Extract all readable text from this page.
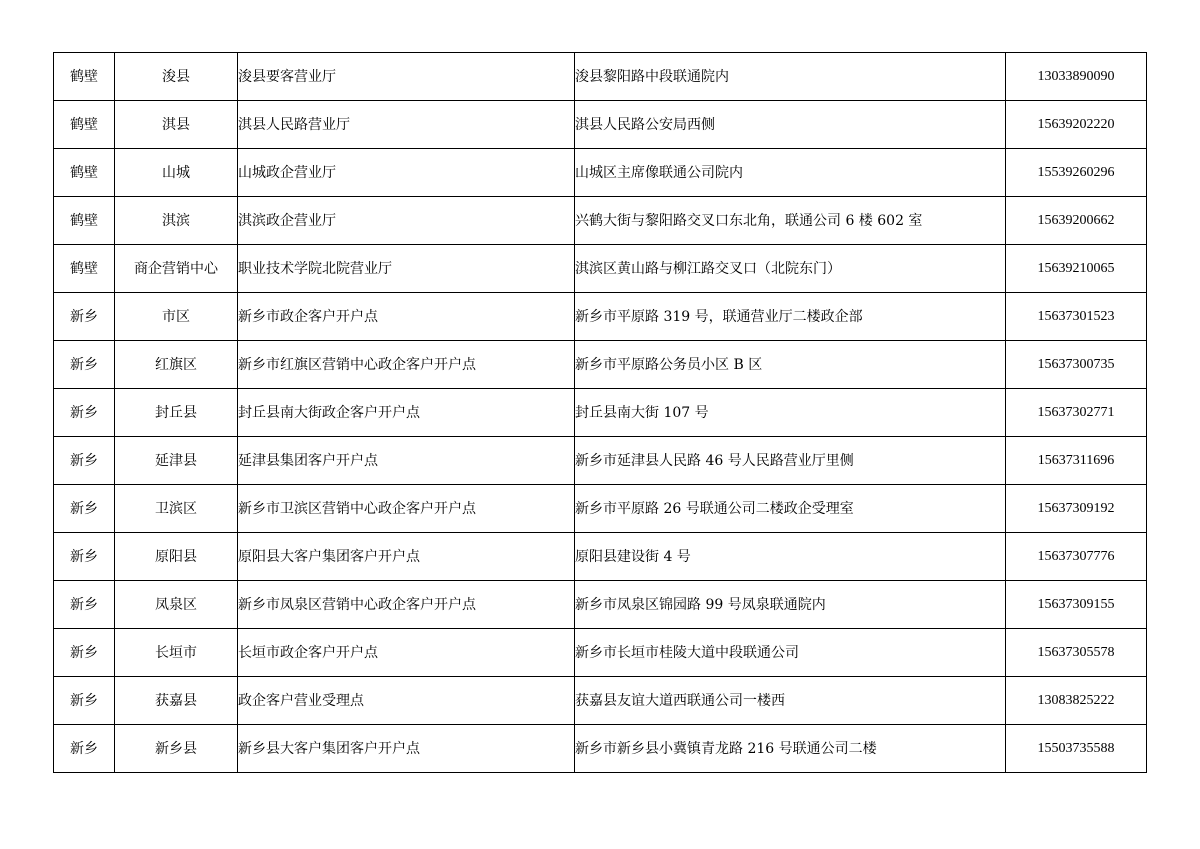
鹤壁	浚县	浚县要客营业厅	浚县黎阳路中段联通院内	13033890090
鹤壁	淇县	淇县人民路营业厅	淇县人民路公安局西侧	15639202220
鹤壁	山城	山城政企营业厅	山城区主席像联通公司院内	15539260296
鹤壁	淇滨	淇滨政企营业厅	兴鹤大街与黎阳路交叉口东北角，联通公司 6 楼 602 室	15639200662
鹤壁	商企营销中心	职业技术学院北院营业厅	淇滨区黄山路与柳江路交叉口（北院东门）	15639210065
新乡	市区	新乡市政企客户开户点	新乡市平原路 319 号，联通营业厅二楼政企部	15637301523
新乡	红旗区	新乡市红旗区营销中心政企客户开户点	新乡市平原路公务员小区 B 区	15637300735
新乡	封丘县	封丘县南大街政企客户开户点	封丘县南大街 107 号	15637302771
新乡	延津县	延津县集团客户开户点	新乡市延津县人民路 46 号人民路营业厅里侧	15637311696
新乡	卫滨区	新乡市卫滨区营销中心政企客户开户点	新乡市平原路 26 号联通公司二楼政企受理室	15637309192
新乡	原阳县	原阳县大客户集团客户开户点	原阳县建设街 4 号	15637307776
新乡	凤泉区	新乡市凤泉区营销中心政企客户开户点	新乡市凤泉区锦园路 99 号凤泉联通院内	15637309155
新乡	长垣市	长垣市政企客户开户点	新乡市长垣市桂陵大道中段联通公司	15637305578
新乡	获嘉县	政企客户营业受理点	获嘉县友谊大道西联通公司一楼西	13083825222
新乡	新乡县	新乡县大客户集团客户开户点	新乡市新乡县小冀镇青龙路 216 号联通公司二楼	15503735588
